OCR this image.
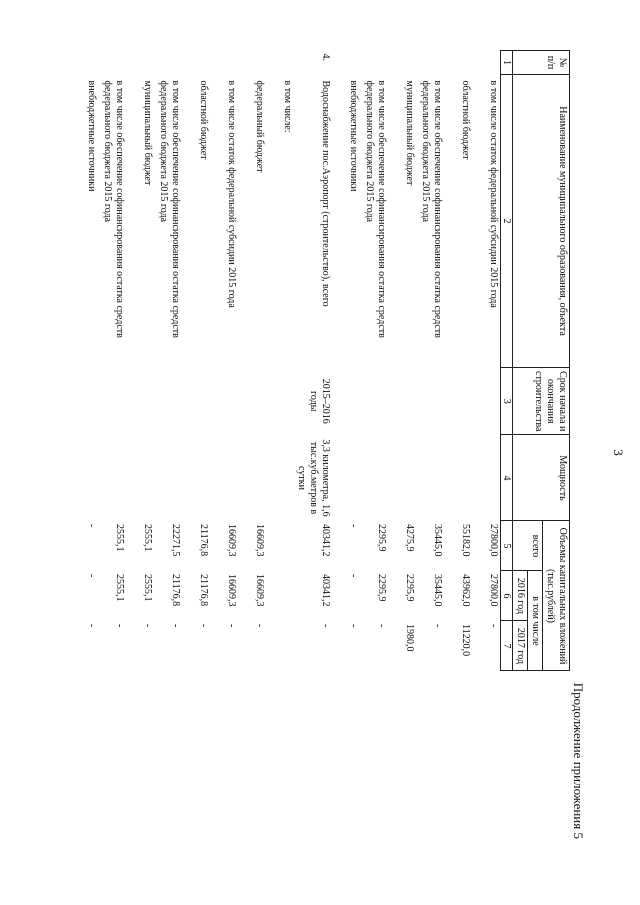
3
Продолжение приложения 5
№ п/п	Наименование муниципального образования, объекта	Срок начала и окончания строительства	Мощность	Объемы капитальных вложений (тыс.рублей)		
				всего	в том числе	
					2016 год	2017 год
1	2	3	4	5	6	7
	в том числе остаток федеральной субсидии 2015 года			27800,0	27800,0	-
	областной бюджет			55182,0	43962,0	11220,0
	в том числе обеспечение софинансирования остатка средств федерального бюджета 2015 года			35445,0	35445,0	-
	муниципальный бюджет			4275,9	2295,9	1980,0
	в том числе обеспечение софинансирования остатка средств федерального бюджета 2015 года			2295,9	2295,9	-
	внебюджетные источники			-	-	-
4.	Водоснабжение пос.Аэропорт (строительство), всего	2015–2016 годы	3,3 километра, 1,6 тыс.куб.метров в сутки	40341,2	40341,2	-
	в том числе:					
	федеральный бюджет			16609,3	16609,3	-
	в том числе остаток федеральной субсидии 2015 года			16609,3	16609,3	-
	областной бюджет			21176,8	21176,8	-
	в том числе обеспечение софинансирования остатка средств федерального бюджета 2015 года			22271,5	21176,8	-
	муниципальный бюджет			2555,1	2555,1	-
	в том числе обеспечение софинансирования остатка средств федерального бюджета 2015 года			2555,1	2555,1	-
	внебюджетные источники			-	-	-
